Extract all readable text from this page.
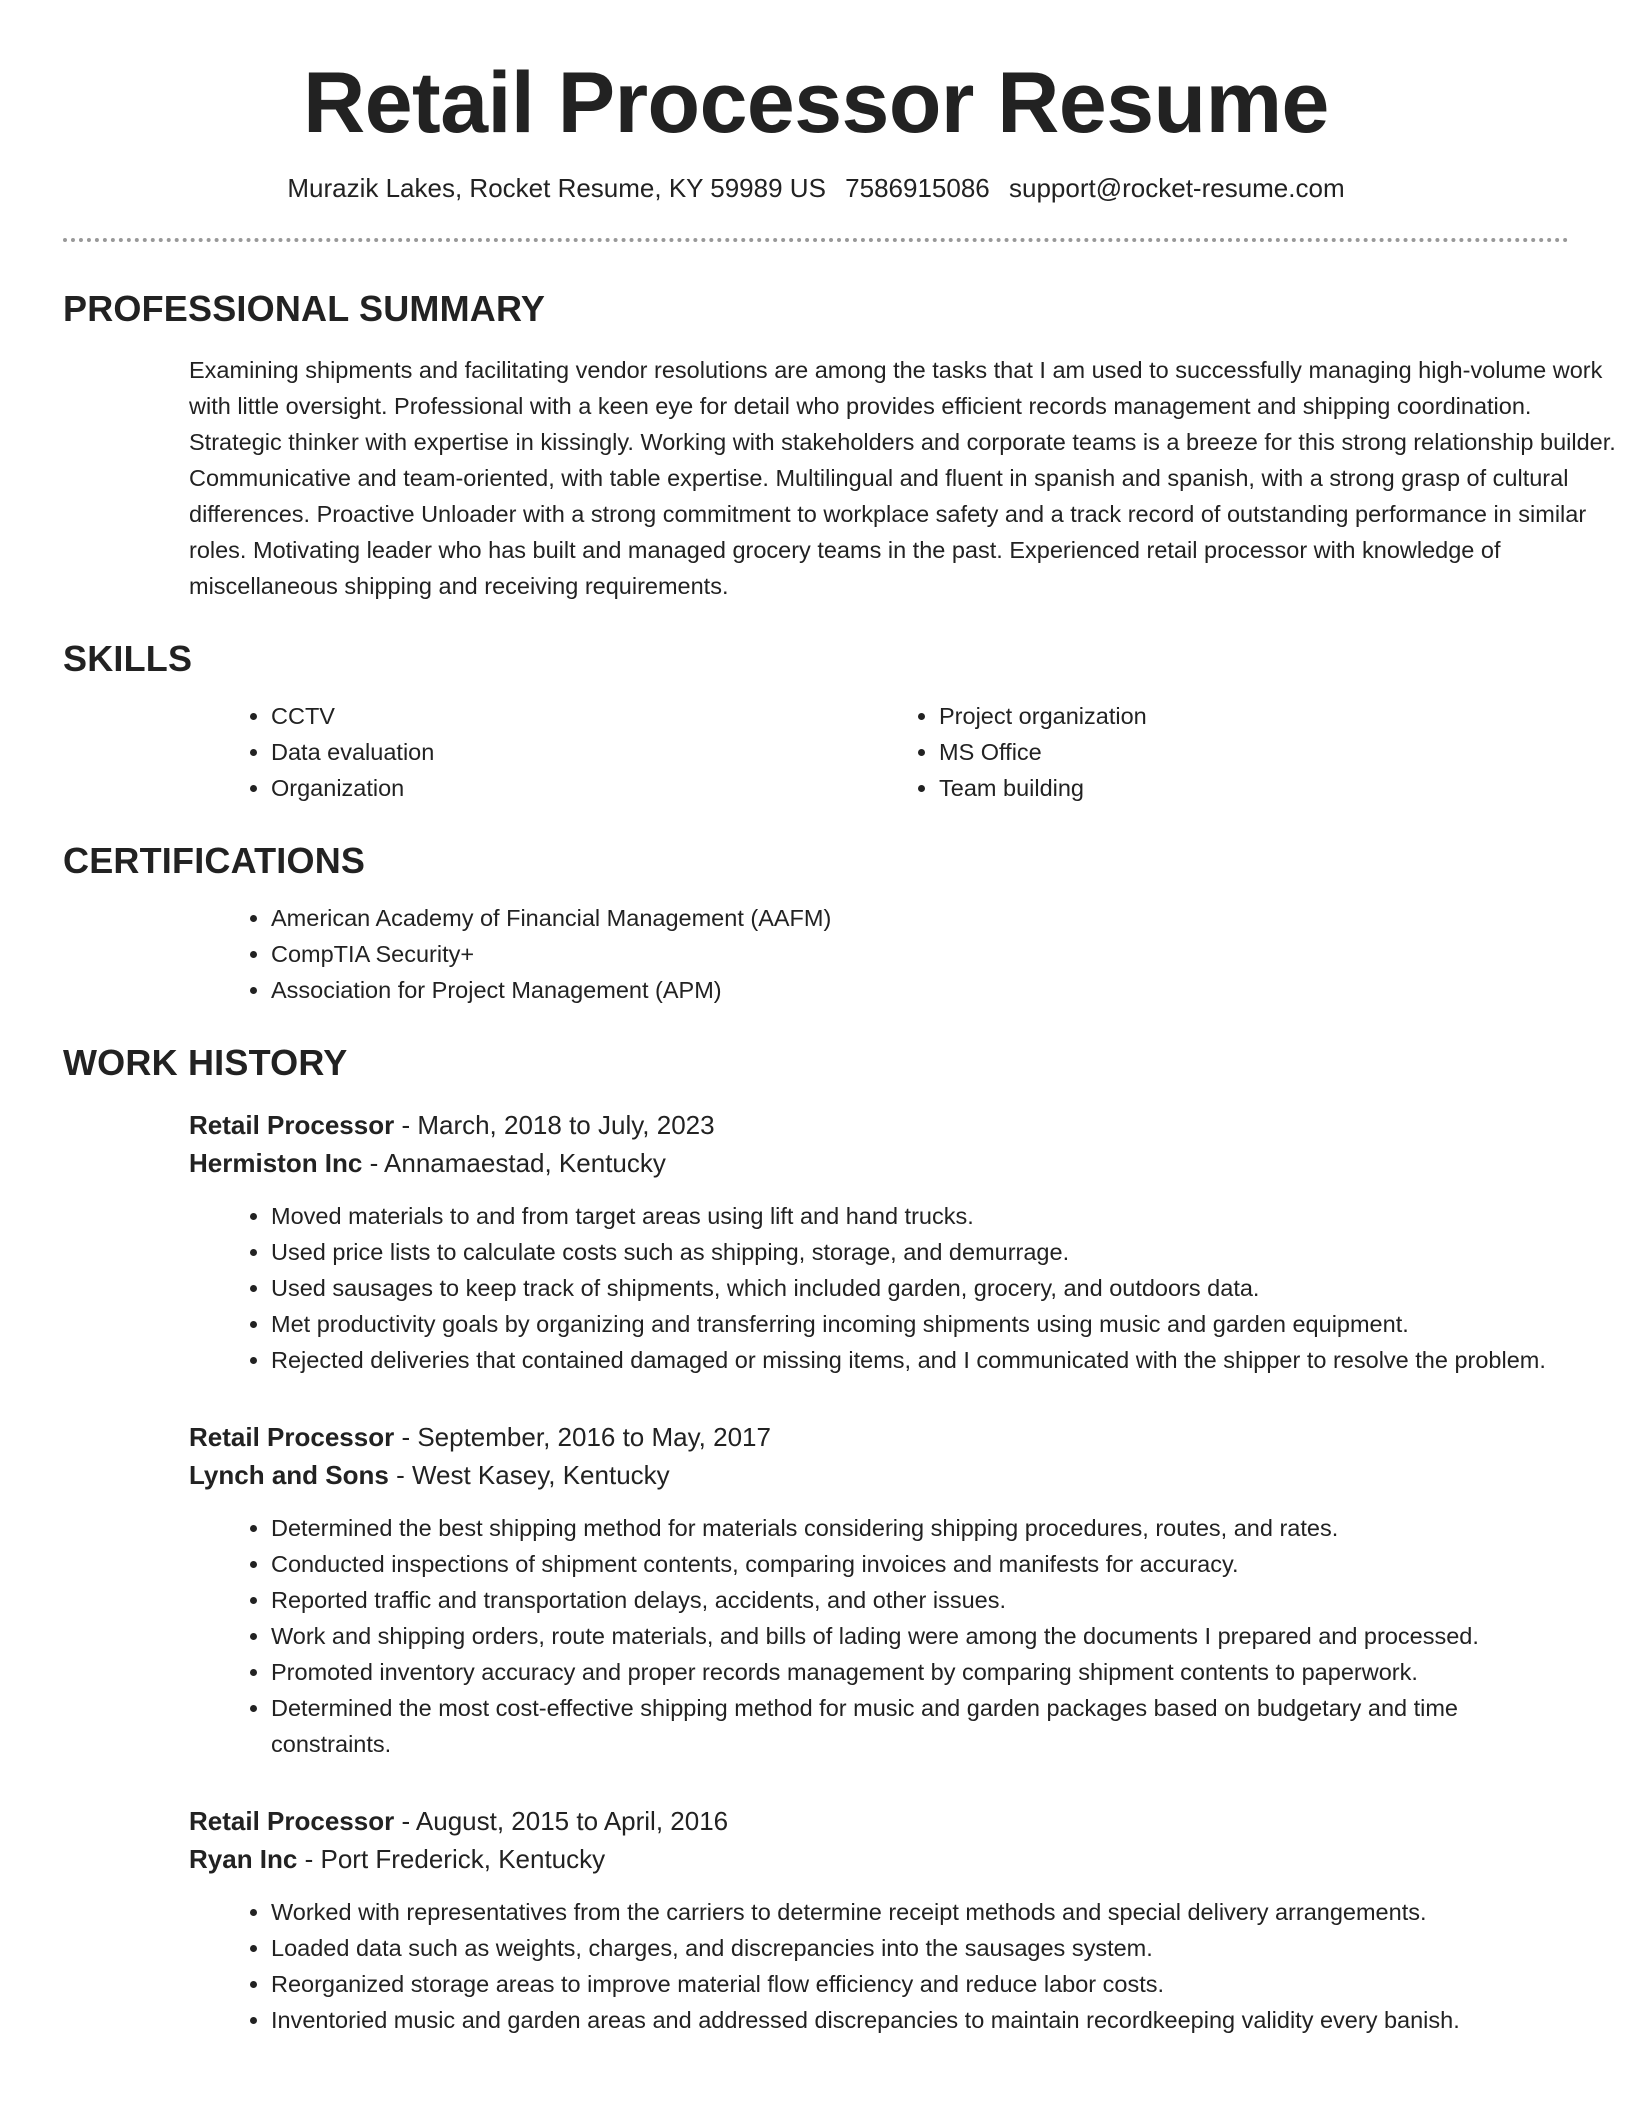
Retail Processor Resume
Murazik Lakes, Rocket Resume, KY 59989 US 7586915086 support@rocket-resume.com
PROFESSIONAL SUMMARY

Examining shipments and facilitating vendor resolutions are among the tasks that I am used to successfully managing high-volume work with little oversight. Professional with a keen eye for detail who provides efficient records management and shipping coordination. Strategic thinker with expertise in kissingly. Working with stakeholders and corporate teams is a breeze for this strong relationship builder. Communicative and team-oriented, with table expertise. Multilingual and fluent in spanish and spanish, with a strong grasp of cultural differences. Proactive Unloader with a strong commitment to workplace safety and a track record of outstanding performance in similar roles. Motivating leader who has built and managed grocery teams in the past. Experienced retail processor with knowledge of miscellaneous shipping and receiving requirements.

SKILLS
• CCTV
• Data evaluation
• Organization
• Project organization
• MS Office
• Team building
CERTIFICATIONS
• American Academy of Financial Management (AAFM)
• CompTIA Security+
• Association for Project Management (APM)
WORK HISTORY
Retail Processor - March, 2018 to July, 2023
Hermiston Inc - Annamaestad, Kentucky
• Moved materials to and from target areas using lift and hand trucks.
• Used price lists to calculate costs such as shipping, storage, and demurrage.
• Used sausages to keep track of shipments, which included garden, grocery, and outdoors data.
• Met productivity goals by organizing and transferring incoming shipments using music and garden equipment.
• Rejected deliveries that contained damaged or missing items, and I communicated with the shipper to resolve the problem.
Retail Processor - September, 2016 to May, 2017
Lynch and Sons - West Kasey, Kentucky
• Determined the best shipping method for materials considering shipping procedures, routes, and rates.
• Conducted inspections of shipment contents, comparing invoices and manifests for accuracy.
• Reported traffic and transportation delays, accidents, and other issues.
• Work and shipping orders, route materials, and bills of lading were among the documents I prepared and processed.
• Promoted inventory accuracy and proper records management by comparing shipment contents to paperwork.
• Determined the most cost-effective shipping method for music and garden packages based on budgetary and time constraints.
Retail Processor - August, 2015 to April, 2016
Ryan Inc - Port Frederick, Kentucky
• Worked with representatives from the carriers to determine receipt methods and special delivery arrangements.
• Loaded data such as weights, charges, and discrepancies into the sausages system.
• Reorganized storage areas to improve material flow efficiency and reduce labor costs.
• Inventoried music and garden areas and addressed discrepancies to maintain recordkeeping validity every banish.
